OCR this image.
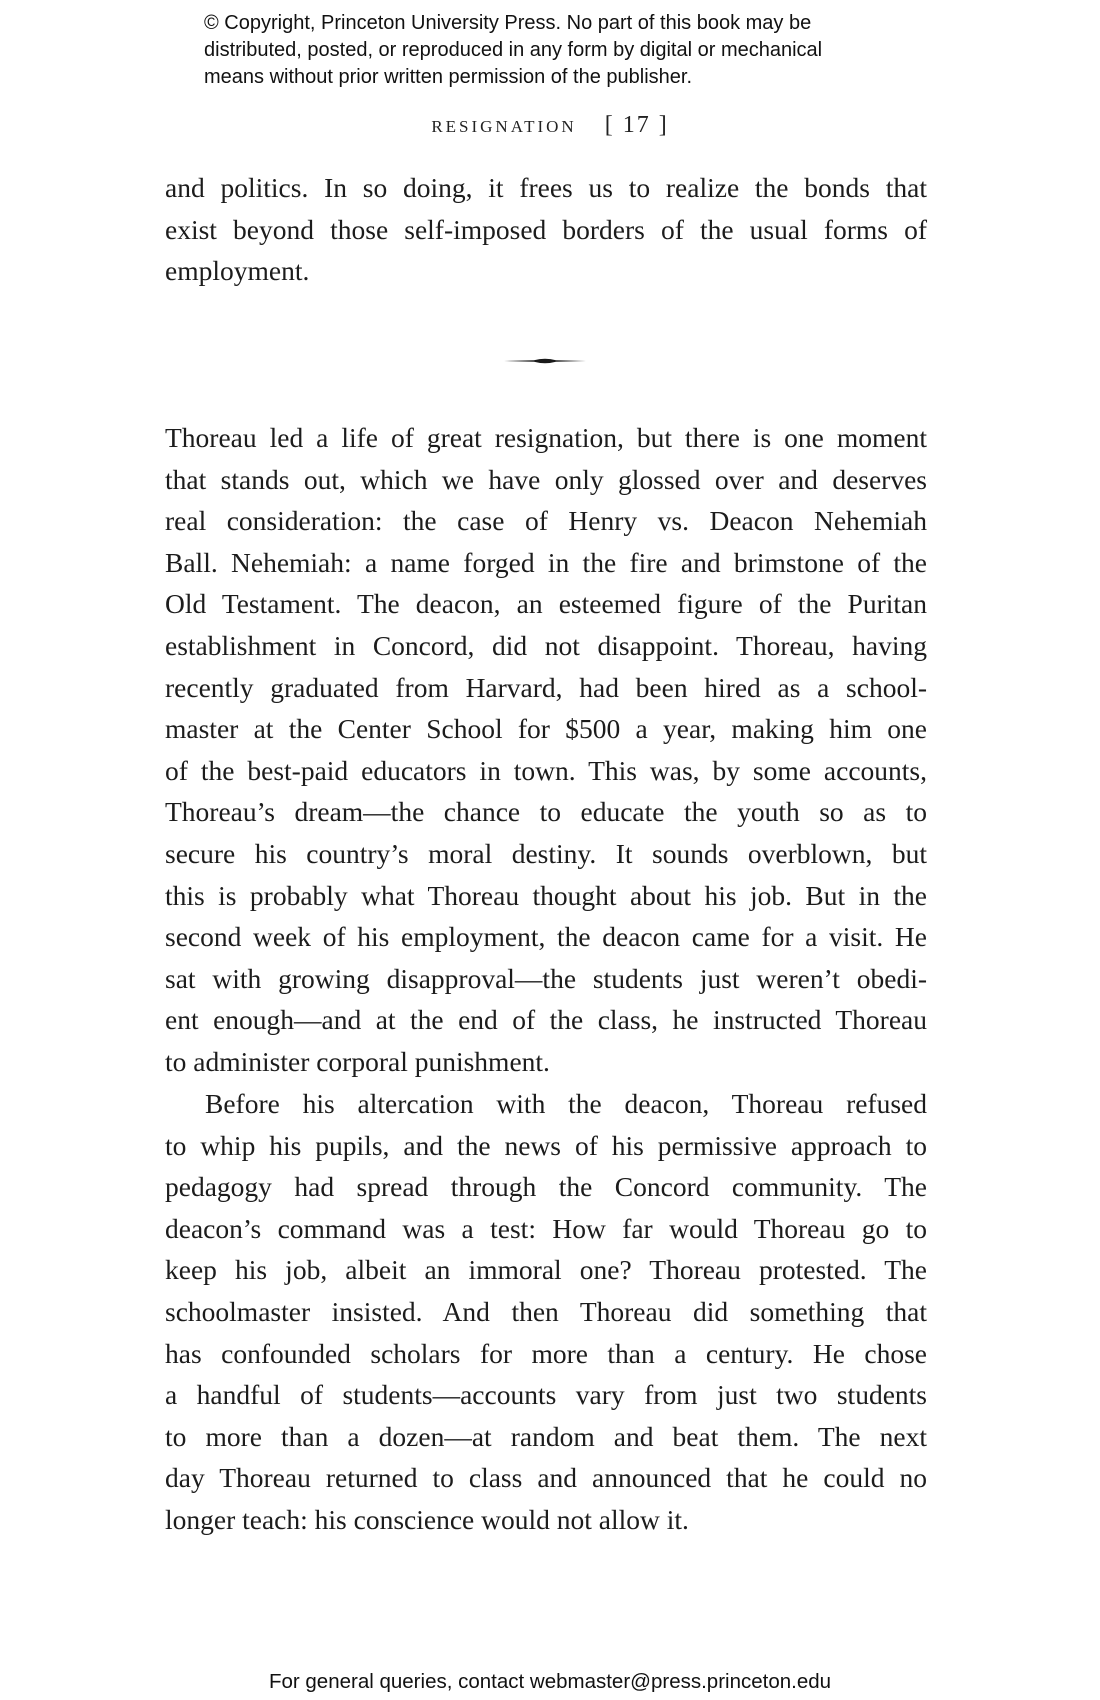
© Copyright, Princeton University Press. No part of this book may be
distributed, posted, or reproduced in any form by digital or mechanical
means without prior written permission of the publisher.
RESIGNATION [ 17 ]
and politics. In so doing, it frees us to realize the bonds that
exist beyond those self-imposed borders of the usual forms of
employment.
Thoreau led a life of great resignation, but there is one moment
that stands out, which we have only glossed over and deserves
real consideration: the case of Henry vs. Deacon Nehemiah
Ball. Nehemiah: a name forged in the fire and brimstone of the
Old Testament. The deacon, an esteemed figure of the Puritan
establishment in Concord, did not disappoint. Thoreau, having
recently graduated from Harvard, had been hired as a school-
master at the Center School for $500 a year, making him one
of the best-paid educators in town. This was, by some accounts,
Thoreau’s dream—the chance to educate the youth so as to
secure his country’s moral destiny. It sounds overblown, but
this is probably what Thoreau thought about his job. But in the
second week of his employment, the deacon came for a visit. He
sat with growing disapproval—the students just weren’t obedi-
ent enough—and at the end of the class, he instructed Thoreau
to administer corporal punishment.
Before his altercation with the deacon, Thoreau refused
to whip his pupils, and the news of his permissive approach to
pedagogy had spread through the Concord community. The
deacon’s command was a test: How far would Thoreau go to
keep his job, albeit an immoral one? Thoreau protested. The
schoolmaster insisted. And then Thoreau did something that
has confounded scholars for more than a century. He chose
a handful of students—accounts vary from just two students
to more than a dozen—at random and beat them. The next
day Thoreau returned to class and announced that he could no
longer teach: his conscience would not allow it.
For general queries, contact webmaster@press.princeton.edu
